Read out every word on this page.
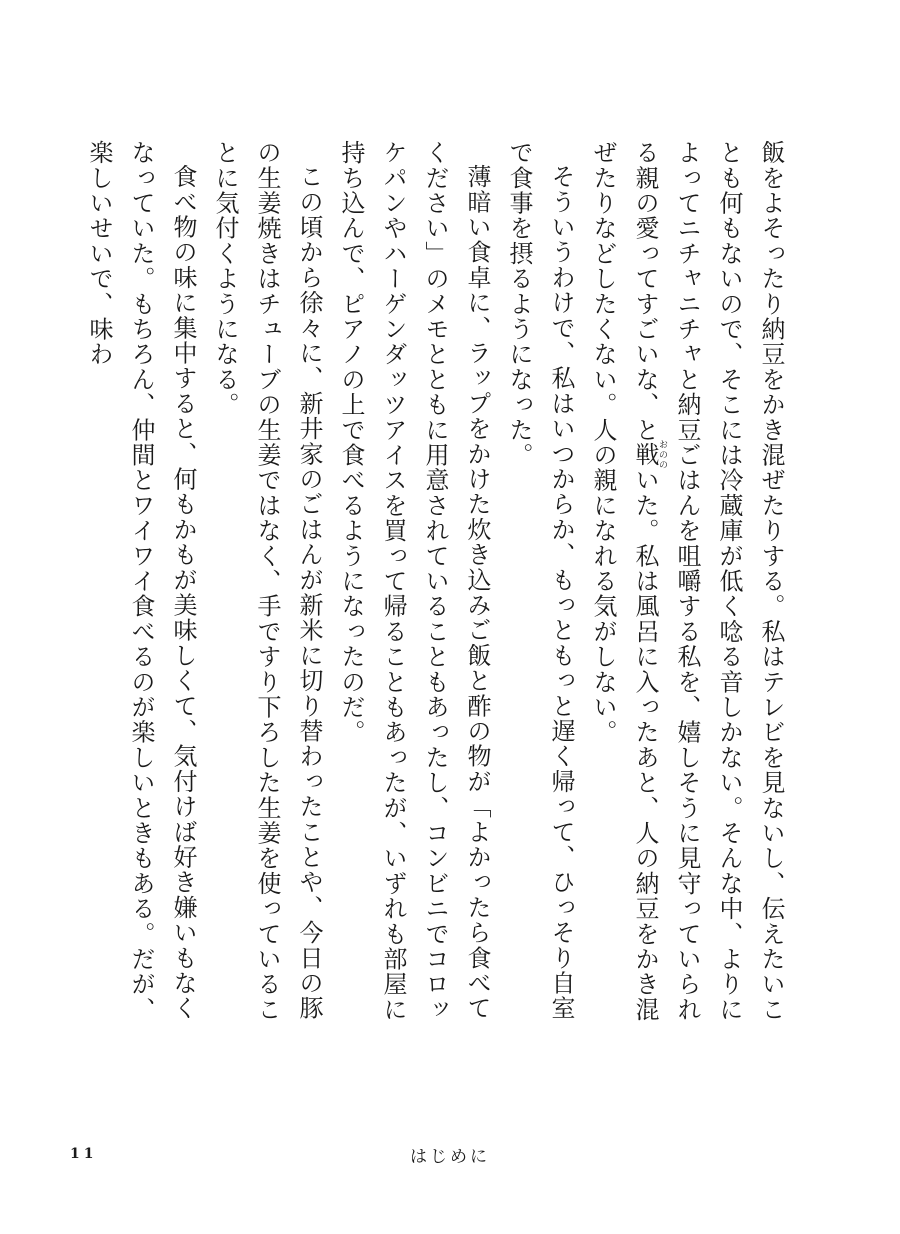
飯をよそったり納豆をかき混ぜたりする。私はテレビを見ないし、伝えたいことも何もないので、そこには冷蔵庫が低く唸る音しかない。そんな中、よりによってニチャニチャと納豆ごはんを咀嚼する私を、嬉しそうに見守っていられる親の愛ってすごいな、と戦おののいた。私は風呂に入ったあと、人の納豆をかき混ぜたりなどしたくない。人の親になれる気がしない。

そういうわけで、私はいつからか、もっともっと遅く帰って、ひっそり自室で食事を摂るようになった。

薄暗い食卓に、ラップをかけた炊き込みご飯と酢の物が「よかったら食べてください」のメモとともに用意されていることもあったし、コンビニでコロッケパンやハーゲンダッツアイスを買って帰ることもあったが、いずれも部屋に持ち込んで、ピアノの上で食べるようになったのだ。

この頃から徐々に、新井家のごはんが新米に切り替わったことや、今日の豚の生姜焼きはチューブの生姜ではなく、手ですり下ろした生姜を使っていることに気付くようになる。

食べ物の味に集中すると、何もかもが美味しくて、気付けば好き嫌いもなくなっていた。もちろん、仲間とワイワイ食べるのが楽しいときもある。だが、楽しいせいで、味わ

11	はじめに
